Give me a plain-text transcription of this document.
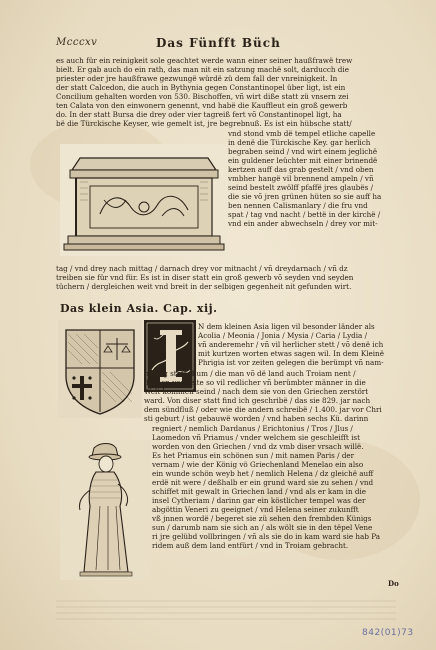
Mcccxv	Das Fünfft Büch
es auch für ein reinigkeit sole geachtet werde wann einer seiner haußfrawë trew
bielt. Er gab auch do ein rath, das man nit ein satzung machë solt, darducch die
priester oder jre haußfrawe gezwungë würdë zü dem fall der vnreinigkeit. In
der statt Calcedon, die auch in Bythynia gegen Constantinopel über ligt, ist ein
Concilium gehalten worden von 530. Bischoffen, vñ wirt diße statt zü vnsern zei
ten Calata von den einwonern genennt, vnd habë die Kauffleut ein groß gewerb
do. In der statt Bursa die drey oder vier tagreiß fert võ Constantinopel ligt, ha
bë die Türckische Keyser, wie gemelt ist, jre begrebnuß. Es ist ein hübsche statt/
vnd stond vmb dë tempel etliche capelle
in denë die Türckische Key. gar herlich
begraben seind / vnd wirt einem jeglichë
ein guldener leüchter mit einer brinendë
kertzen auff das grab gestelt / vnd oben
vmbher hangë vil brennend ampeln / vñ
seind bestelt zwölff pfaffë jres glaubës /
die sie võ jren grünen hüten so sie auff ha
ben nennen Calismanlary / die fru vnd
spat / tag vnd nacht / bettë in der kirchë /
vnd ein ander abwechseln / drey vor mit-
tag / vnd drey nach mittag / darnach drey vor mitnacht / vñ dreydarnach / vñ dz
treiben sie für vnd für. Es ist in diser statt ein groß gewerb võ seyden vnd seyden
tüchern / dergleichen weit vnd breit in der selbigen gegenheit nit gefunden wirt.
Das klein Asia. Cap. xij.
N dem kleinen Asia ligen vil besonder länder als
Acolia / Meonia / Jonia / Mysia / Caria / Lydia /
vñ anderemehr / vñ vil herlicher stett / võ denë ich
mit kurtzen worten etwas sagen wil. In dem Kleinë
Phrigia ist vor zeiten gelegen die berümpt vñ nam-
hafftig statt Jlium / die man võ dë land auch Troiam nent /
daruon vor zeite so vil redlicher vñ berümbter männer in die
Welt kommen seind / nach dem sie von den Griechen zerstört
ward. Von diser statt find ich geschribë / das sie 829. jar nach
dem sündfluß / oder wie die andern schreibë / 1.400. jar vor Chri
sti geburt / ist gebauwë worden / vnd haben sechs Kü. darinn
regniert / nemlich Dardanus / Erichtonius / Tros / Jlus /
Laomedon vñ Priamus / vnder welchem sie geschleifft ist
worden von den Griechen / vnd dz vmb diser vrsach willë.
Es het Priamus ein schönen sun / mit namen Paris / der
vernam / wie der König vö Griechenland Menelao ein also
ein wunde schön weyb het / nemlich Helena / dz gleichë auff
erdë nit were / deßhalb er ein grund ward sie zu sehen / vnd
schiffet mit gewalt in Griechen land / vnd als er kam in die
insel Cytheriam / darinn gar ein köstlicher tempel was der
abgöttin Veneri zu geeignet / vnd Helena seiner zukunfft
vß jnnen wordë / begeret sie zü sehen den frembden Künigs
sun / darumb nam sie sich an / als wölt sie in den tëpel Vene
ri jre gelübd vollbringen / vñ als sie do in kam ward sie hab Pa
ridem auß dem land entfürt / vnd in Troiam gebracht.
Do
842(01)73
